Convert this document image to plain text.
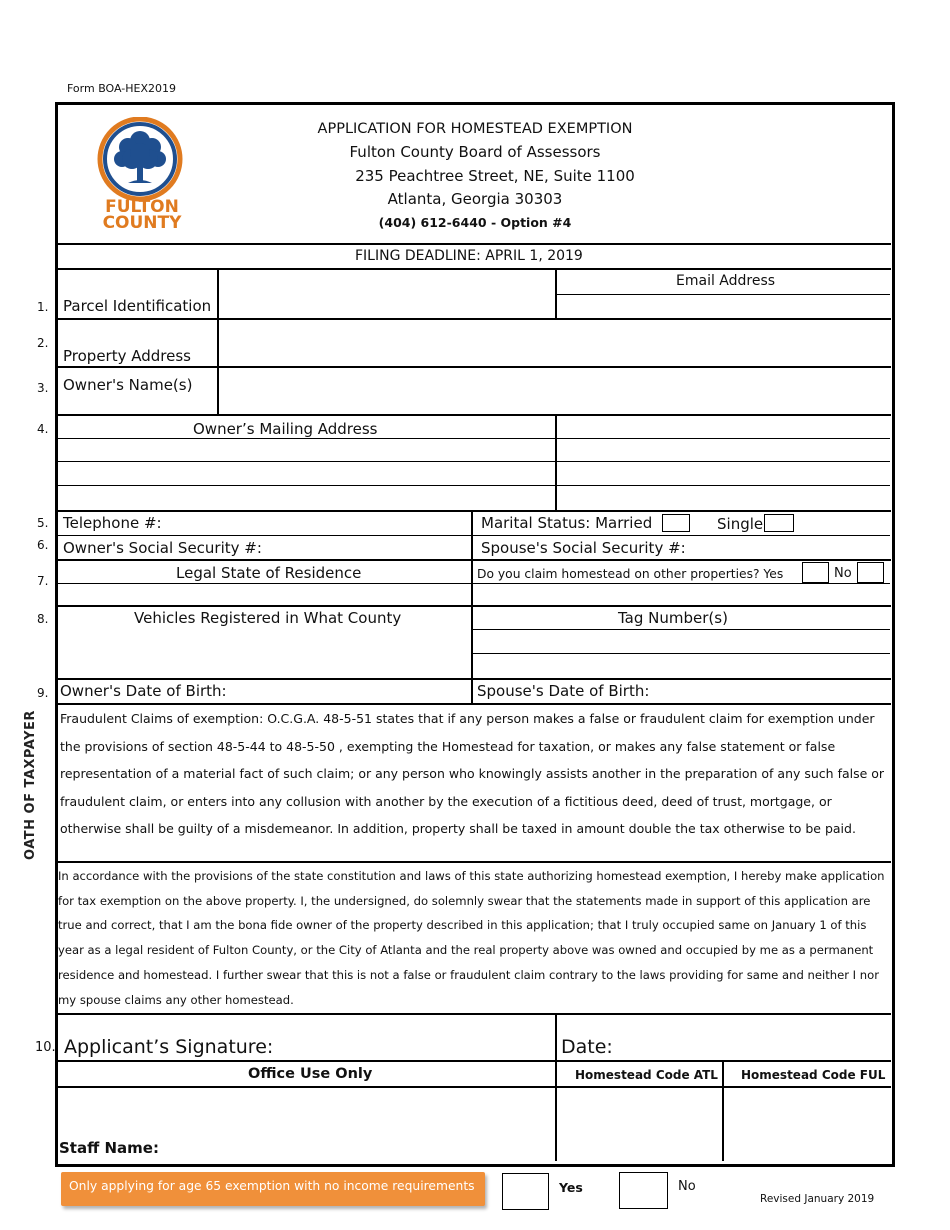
Form BOA-HEX2019
FULTON
COUNTY
APPLICATION FOR HOMESTEAD EXEMPTION
Fulton County Board of Assessors
235 Peachtree Street, NE, Suite 1100
Atlanta, Georgia 30303
(404) 612-6440 - Option #4
FILING DEADLINE: APRIL 1, 2019
1. Parcel Identification
Email Address
2.
Property Address
3. Owner's Name(s)
4.	Owner’s Mailing Address
5. Telephone #:	Marital Status: Married	Single
6. Owner's Social Security #:	Spouse's Social Security #:
7.	Legal State of Residence	Do you claim homestead on other properties? Yes	No
8.	Vehicles Registered in What County	Tag Number(s)
9. Owner's Date of Birth:	Spouse's Date of Birth:
OATH OF TAXPAYER Fraudulent Claims of exemption: O.C.G.A. 48-5-51 states that if any person makes a false or fraudulent claim for exemption under
the provisions of section 48-5-44 to 48-5-50 , exempting the Homestead for taxation, or makes any false statement or false
representation of a material fact of such claim; or any person who knowingly assists another in the preparation of any such false or
fraudulent claim, or enters into any collusion with another by the execution of a fictitious deed, deed of trust, mortgage, or
otherwise shall be guilty of a misdemeanor. In addition, property shall be taxed in amount double the tax otherwise to be paid.
In accordance with the provisions of the state constitution and laws of this state authorizing homestead exemption, I hereby make application
for tax exemption on the above property. I, the undersigned, do solemnly swear that the statements made in support of this application are
true and correct, that I am the bona fide owner of the property described in this application; that I truly occupied same on January 1 of this
year as a legal resident of Fulton County, or the City of Atlanta and the real property above was owned and occupied by me as a permanent
residence and homestead. I further swear that this is not a false or fraudulent claim contrary to the laws providing for same and neither I nor
my spouse claims any other homestead.
10. Applicant’s Signature:	Date:
Office Use Only	Homestead Code ATL Homestead Code FUL
Staff Name:
Only applying for age 65 exemption with no income requirements	Yes	No
Revised January 2019
